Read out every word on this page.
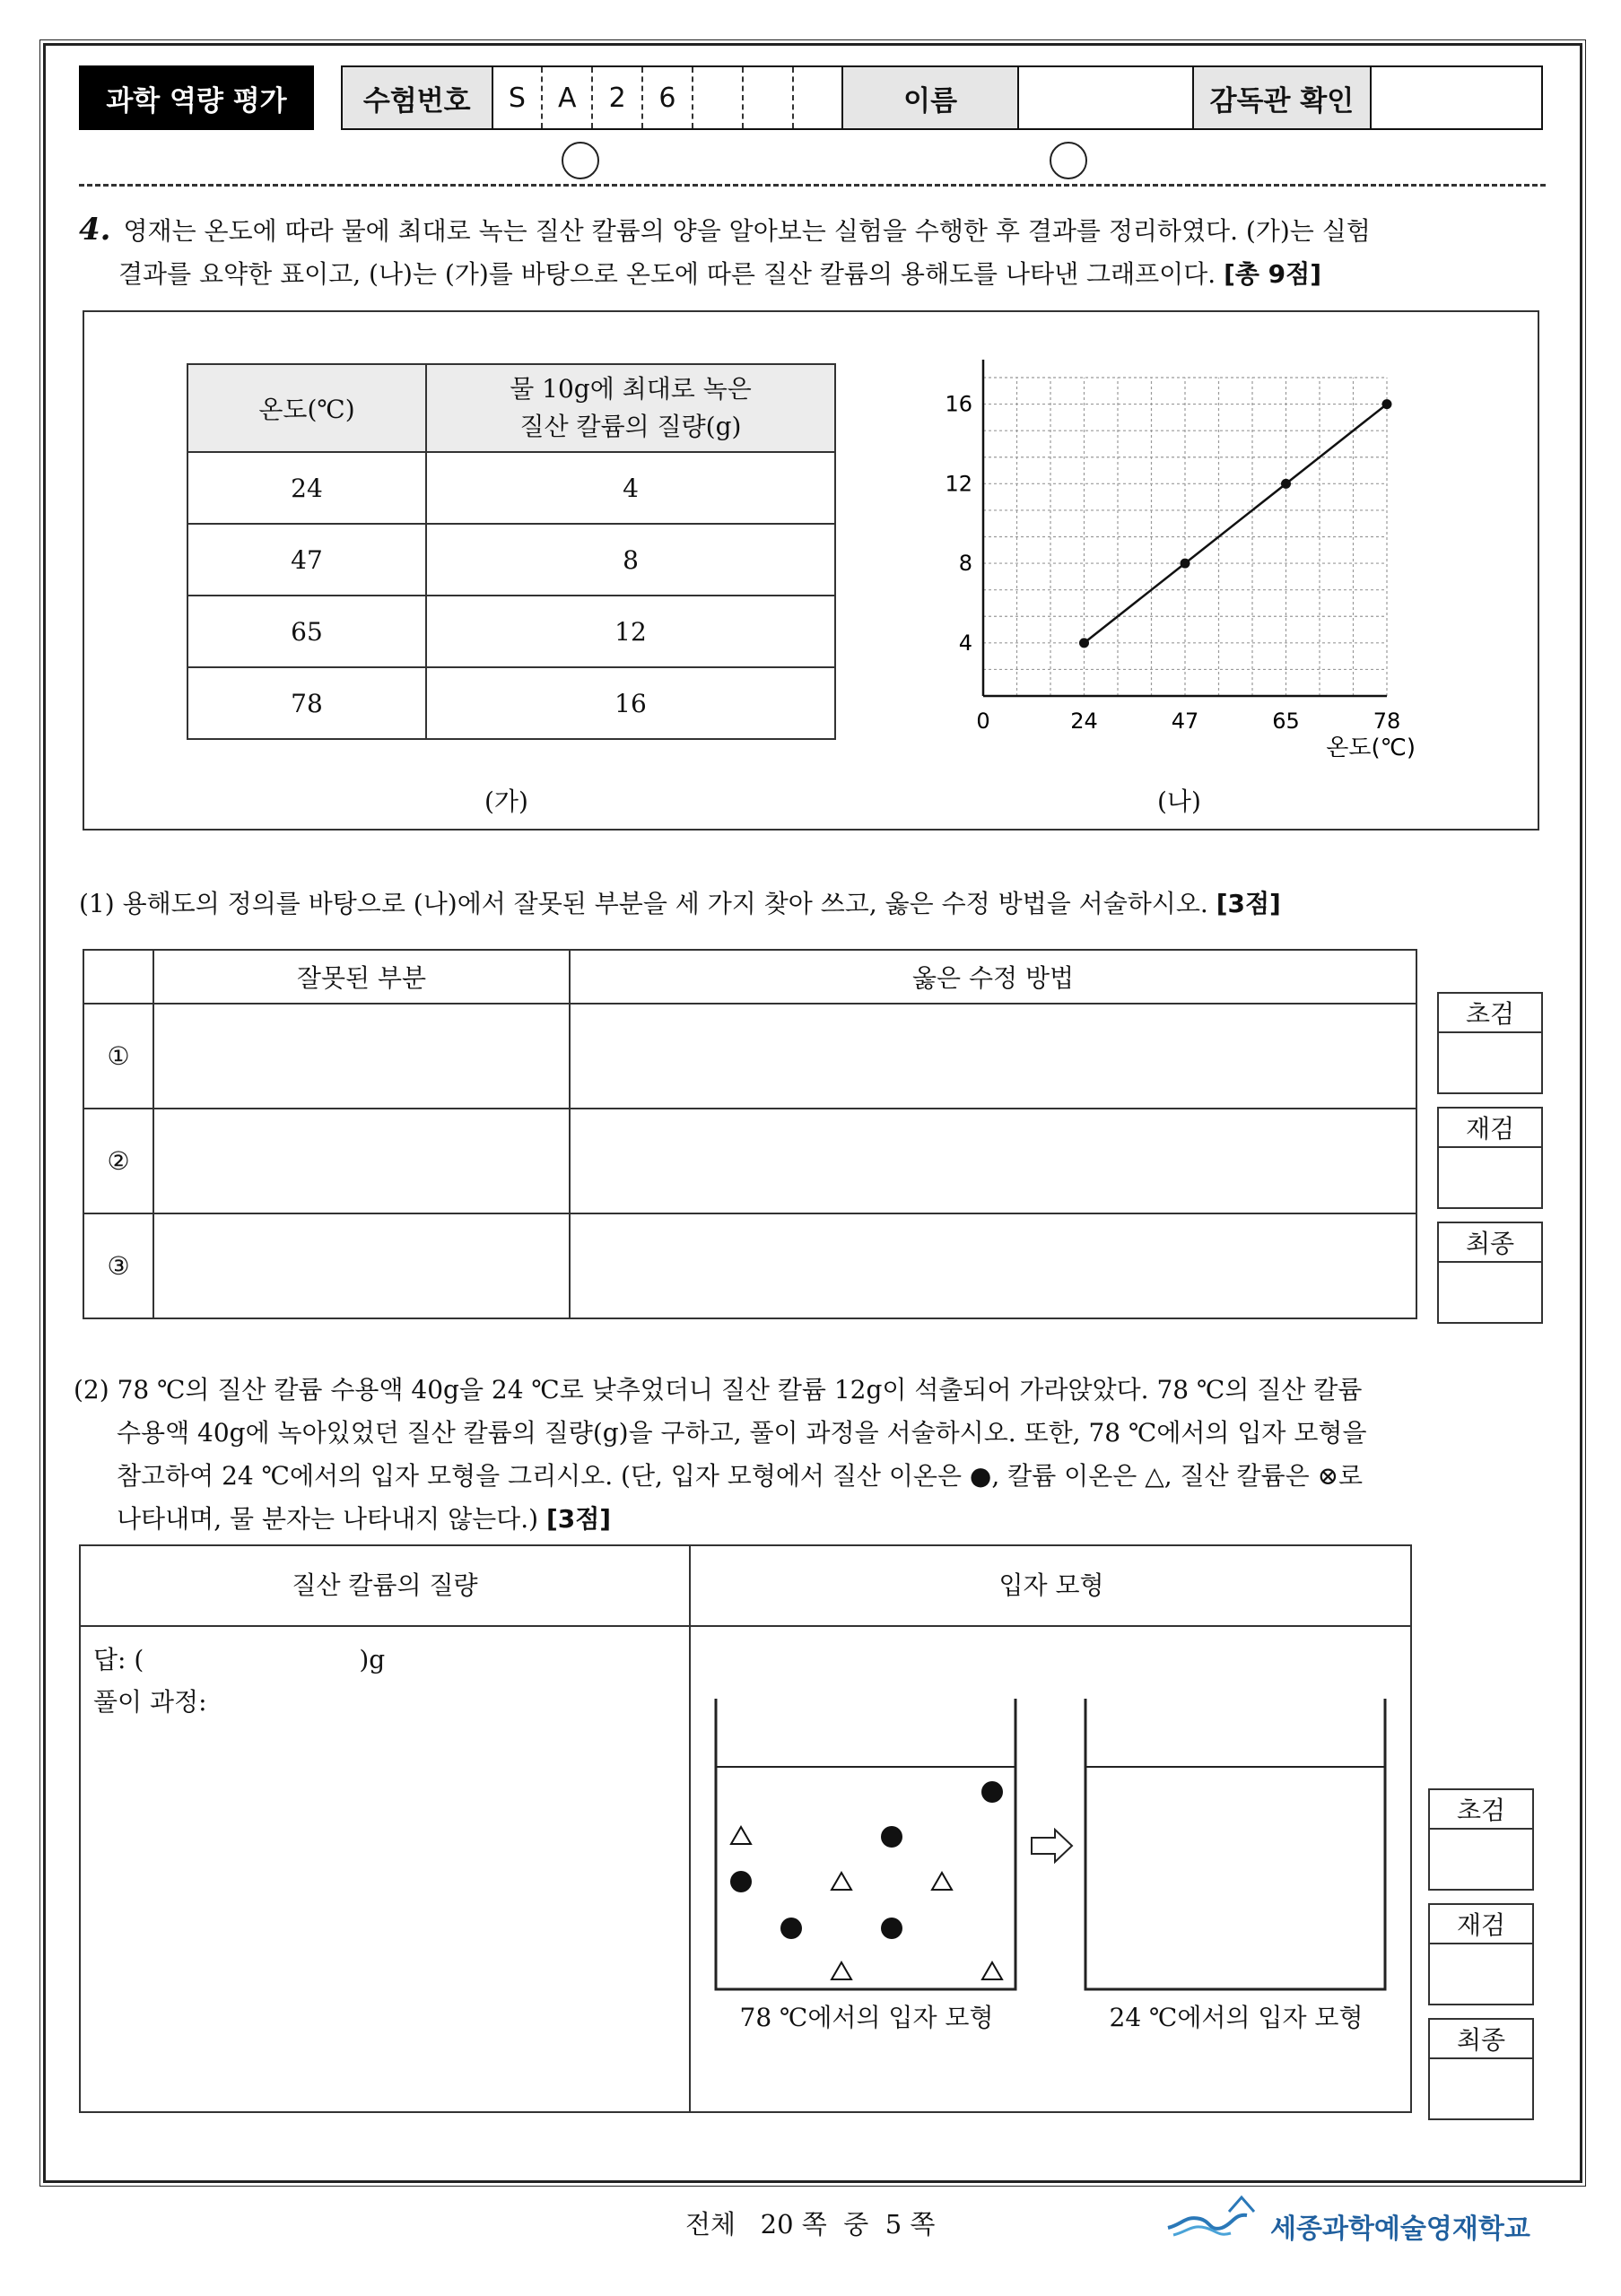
과학 역량 평가	수험번호	S	A	2	6	이름	감독관 확인
4. 영재는 온도에 따라 물에 최대로 녹는 질산 칼륨의 양을 알아보는 실험을 수행한 후 결과를 정리하였다. (가)는 실험
결과를 요약한 표이고, (나)는 (가)를 바탕으로 온도에 따른 질산 칼륨의 용해도를 나타낸 그래프이다. [총 9점]
온도(℃)	물 10g에 최대로 녹은
질산 칼륨의 질량(g)

24	4
47	8
65	12
78	16
(가)
0	24	47	65	78
4
8
12
16
온도(℃)
(나)
(1) 용해도의 정의를 바탕으로 (나)에서 잘못된 부분을 세 가지 찾아 쓰고, 옳은 수정 방법을 서술하시오. [3점]
	잘못된 부분	옳은 수정 방법
①		
②		
③		
초검
재검
최종
(2) 78 ℃의 질산 칼륨 수용액 40g을 24 ℃로 낮추었더니 질산 칼륨 12g이 석출되어 가라앉았다. 78 ℃의 질산 칼륨
수용액 40g에 녹아있었던 질산 칼륨의 질량(g)을 구하고, 풀이 과정을 서술하시오. 또한, 78 ℃에서의 입자 모형을
참고하여 24 ℃에서의 입자 모형을 그리시오. (단, 입자 모형에서 질산 이온은 ●, 칼륨 이온은 △, 질산 칼륨은 ⊗로
나타내며, 물 분자는 나타내지 않는다.) [3점]
질산 칼륨의 질량	입자 모형
답: (	)g
풀이 과정:
78 ℃에서의 입자 모형	24 ℃에서의 입자 모형
초검
재검
최종
전체   20 쪽  중  5 쪽	세종과학예술영재학교
